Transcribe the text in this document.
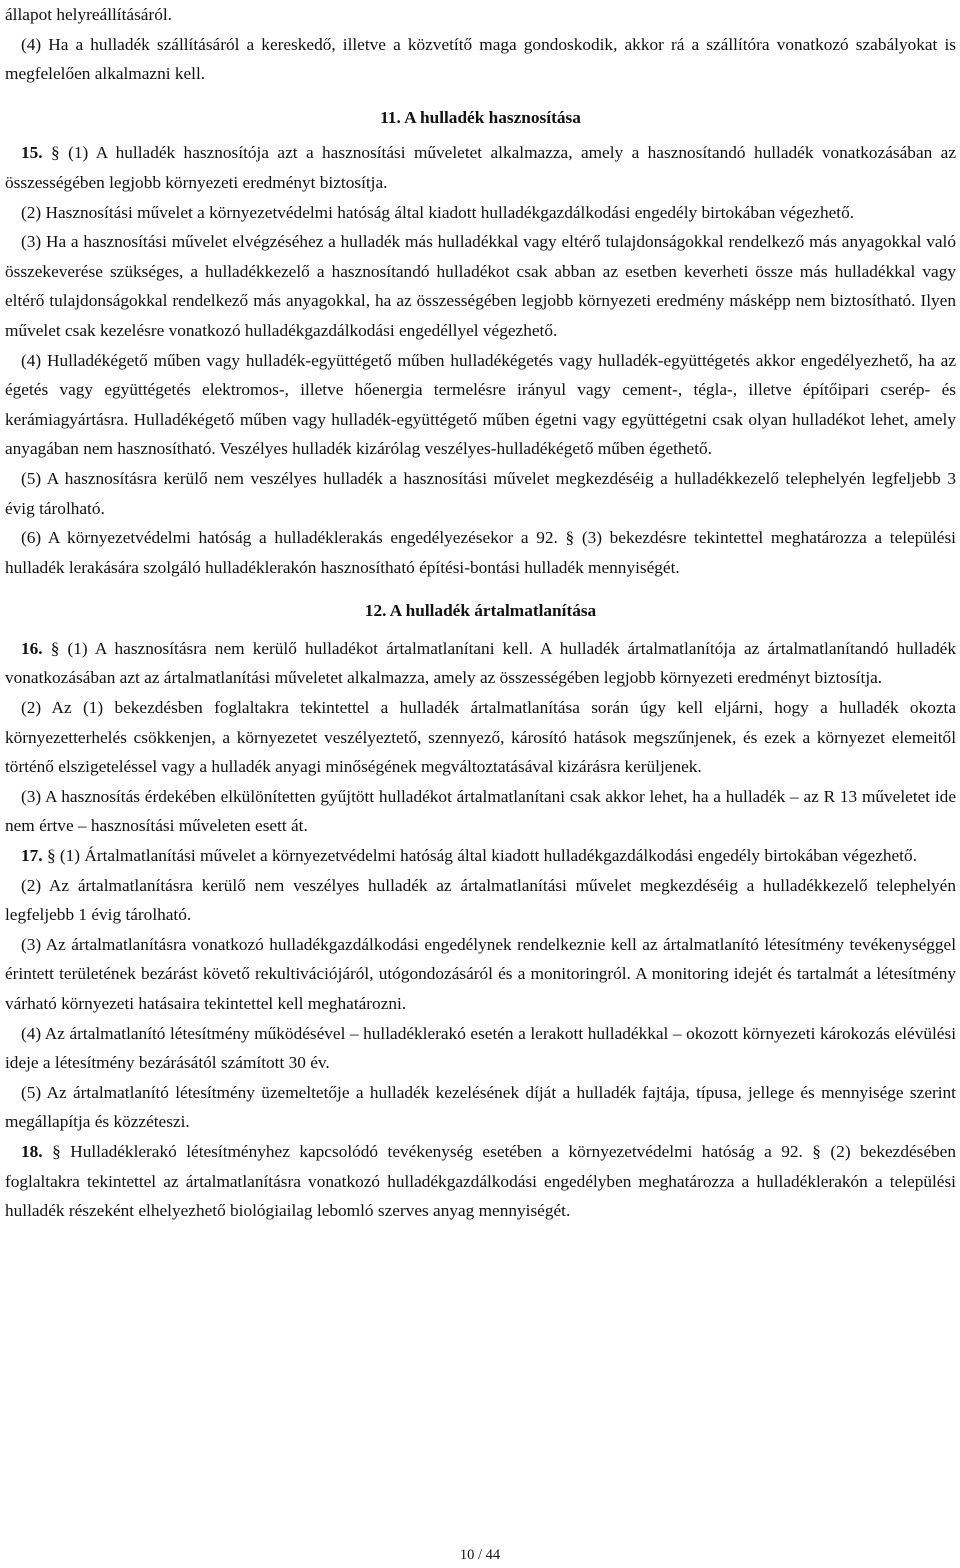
állapot helyreállításáról.

(4) Ha a hulladék szállításáról a kereskedő, illetve a közvetítő maga gondoskodik, akkor rá a szállítóra vonatkozó szabályokat is megfelelően alkalmazni kell.

11. A hulladék hasznosítása

15. § (1) A hulladék hasznosítója azt a hasznosítási műveletet alkalmazza, amely a hasznosítandó hulladék vonatkozásában az összességében legjobb környezeti eredményt biztosítja.

(2) Hasznosítási művelet a környezetvédelmi hatóság által kiadott hulladékgazdálkodási engedély birtokában végezhető.

(3) Ha a hasznosítási művelet elvégzéséhez a hulladék más hulladékkal vagy eltérő tulajdonságokkal rendelkező más anyagokkal való összekeverése szükséges, a hulladékkezelő a hasznosítandó hulladékot csak abban az esetben keverheti össze más hulladékkal vagy eltérő tulajdonságokkal rendelkező más anyagokkal, ha az összességében legjobb környezeti eredmény másképp nem biztosítható. Ilyen művelet csak kezelésre vonatkozó hulladékgazdálkodási engedéllyel végezhető.

(4) Hulladékégető műben vagy hulladék-együttégető műben hulladékégetés vagy hulladék-együttégetés akkor engedélyezhető, ha az égetés vagy együttégetés elektromos-, illetve hőenergia termelésre irányul vagy cement-, tégla-, illetve építőipari cserép- és kerámiagyártásra. Hulladékégető műben vagy hulladék-együttégető műben égetni vagy együttégetni csak olyan hulladékot lehet, amely anyagában nem hasznosítható. Veszélyes hulladék kizárólag veszélyes-hulladékégető műben égethető.

(5) A hasznosításra kerülő nem veszélyes hulladék a hasznosítási művelet megkezdéséig a hulladékkezelő telephelyén legfeljebb 3 évig tárolható.

(6) A környezetvédelmi hatóság a hulladéklerakás engedélyezésekor a 92. § (3) bekezdésre tekintettel meghatározza a települési hulladék lerakására szolgáló hulladéklerakón hasznosítható építési-bontási hulladék mennyiségét.

12. A hulladék ártalmatlanítása

16. § (1) A hasznosításra nem kerülő hulladékot ártalmatlanítani kell. A hulladék ártalmatlanítója az ártalmatlanítandó hulladék vonatkozásában azt az ártalmatlanítási műveletet alkalmazza, amely az összességében legjobb környezeti eredményt biztosítja.

(2) Az (1) bekezdésben foglaltakra tekintettel a hulladék ártalmatlanítása során úgy kell eljárni, hogy a hulladék okozta környezetterhelés csökkenjen, a környezetet veszélyeztető, szennyező, károsító hatások megszűnjenek, és ezek a környezet elemeitől történő elszigeteléssel vagy a hulladék anyagi minőségének megváltoztatásával kizárásra kerüljenek.

(3) A hasznosítás érdekében elkülönítetten gyűjtött hulladékot ártalmatlanítani csak akkor lehet, ha a hulladék – az R 13 műveletet ide nem értve – hasznosítási műveleten esett át.

17. § (1) Ártalmatlanítási művelet a környezetvédelmi hatóság által kiadott hulladékgazdálkodási engedély birtokában végezhető.

(2) Az ártalmatlanításra kerülő nem veszélyes hulladék az ártalmatlanítási művelet megkezdéséig a hulladékkezelő telephelyén legfeljebb 1 évig tárolható.

(3) Az ártalmatlanításra vonatkozó hulladékgazdálkodási engedélynek rendelkeznie kell az ártalmatlanító létesítmény tevékenységgel érintett területének bezárást követő rekultivációjáról, utógondozásáról és a monitoringról. A monitoring idejét és tartalmát a létesítmény várható környezeti hatásaira tekintettel kell meghatározni.

(4) Az ártalmatlanító létesítmény működésével – hulladéklerakó esetén a lerakott hulladékkal – okozott környezeti károkozás elévülési ideje a létesítmény bezárásától számított 30 év.

(5) Az ártalmatlanító létesítmény üzemeltetője a hulladék kezelésének díját a hulladék fajtája, típusa, jellege és mennyisége szerint megállapítja és közzéteszi.

18. § Hulladéklerakó létesítményhez kapcsolódó tevékenység esetében a környezetvédelmi hatóság a 92. § (2) bekezdésében foglaltakra tekintettel az ártalmatlanításra vonatkozó hulladékgazdálkodási engedélyben meghatározza a hulladéklerakón a települési hulladék részeként elhelyezhető biológiailag lebomló szerves anyag mennyiségét.

10 / 44
